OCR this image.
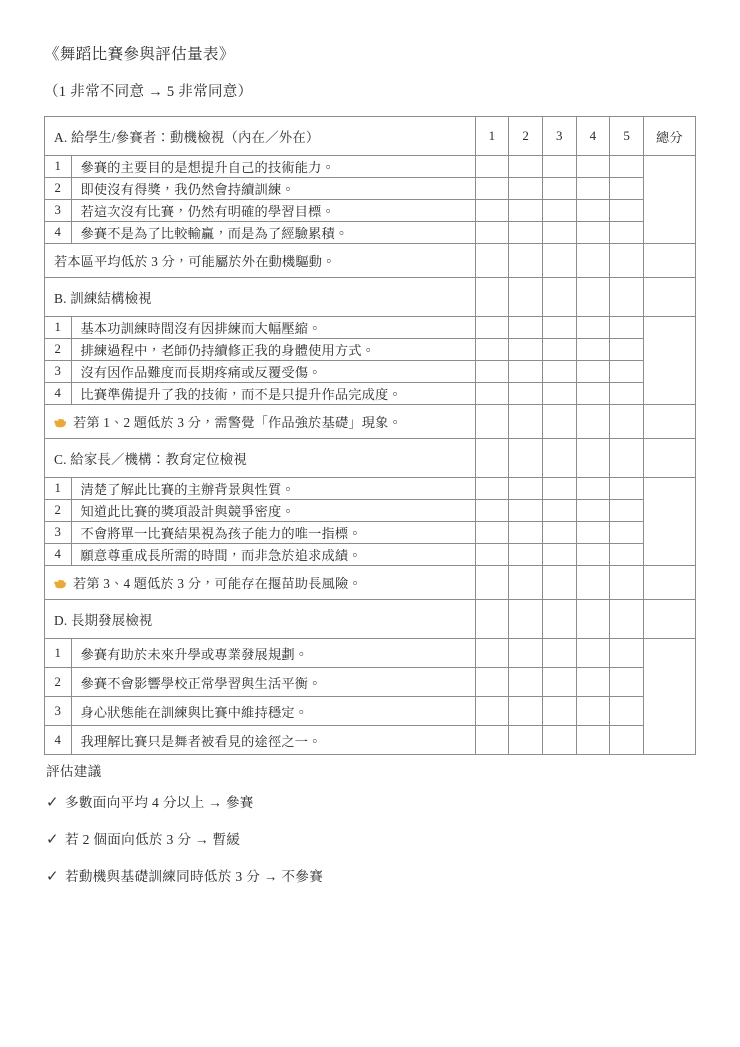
《舞蹈比賽參與評估量表》

（1 非常不同意 → 5 非常同意）

A. 給學生/參賽者：動機檢視（內在／外在）		1	2	3	4	5	總分
1	參賽的主要目的是想提升自己的技術能力。						
2	即使沒有得獎，我仍然會持續訓練。						
3	若這次沒有比賽，仍然有明確的學習目標。						
4	參賽不是為了比較輸贏，而是為了經驗累積。						
若本區平均低於 3 分，可能屬於外在動機驅動。							
B. 訓練結構檢視							
1	基本功訓練時間沒有因排練而大幅壓縮。						
2	排練過程中，老師仍持續修正我的身體使用方式。						
3	沒有因作品難度而長期疼痛或反覆受傷。						
4	比賽準備提升了我的技術，而不是只提升作品完成度。						
若第 1、2 題低於 3 分，需警覺「作品強於基礎」現象。							
C. 給家長／機構：教育定位檢視							
1	清楚了解此比賽的主辦背景與性質。						
2	知道此比賽的獎項設計與競爭密度。						
3	不會將單一比賽結果視為孩子能力的唯一指標。						
4	願意尊重成長所需的時間，而非急於追求成績。						
若第 3、4 題低於 3 分，可能存在揠苗助長風險。							
D. 長期發展檢視							
1	參賽有助於未來升學或專業發展規劃。						
2	參賽不會影響學校正常學習與生活平衡。						
3	身心狀態能在訓練與比賽中維持穩定。						
4	我理解比賽只是舞者被看見的途徑之一。						
評估建議
✓ 多數面向平均 4 分以上 → 參賽
✓ 若 2 個面向低於 3 分 → 暫緩
✓ 若動機與基礎訓練同時低於 3 分 → 不參賽
